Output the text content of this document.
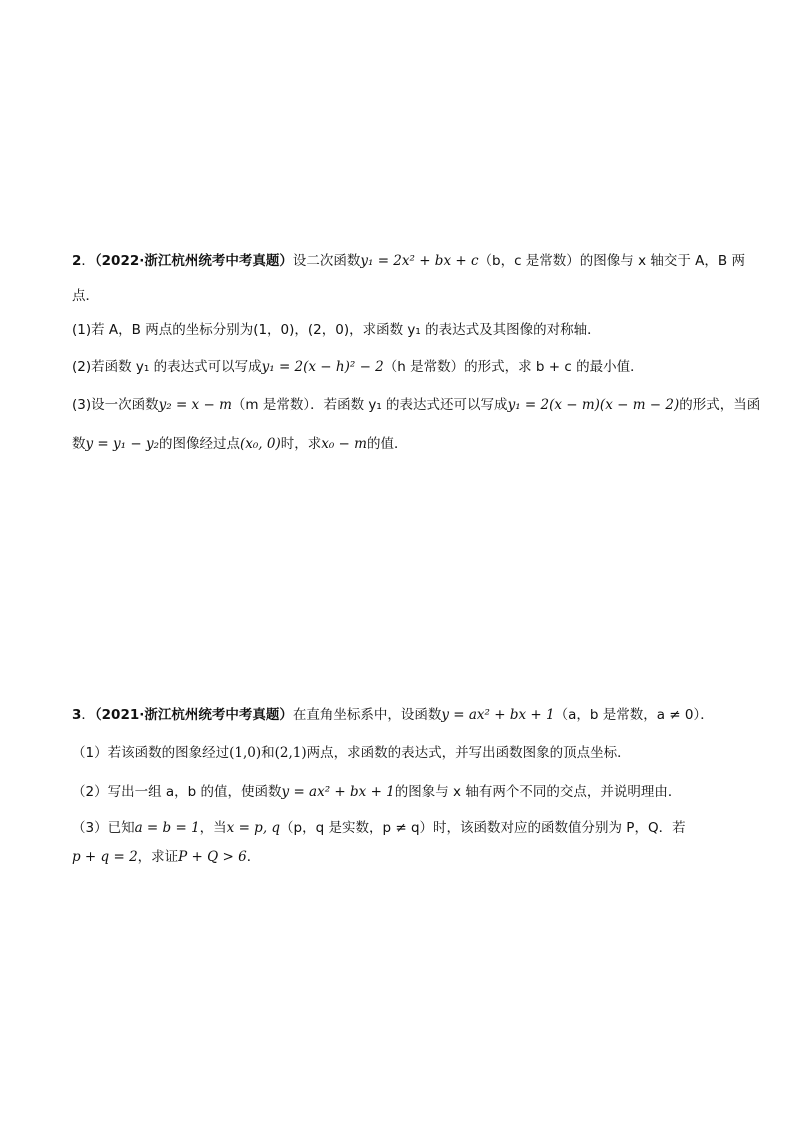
2．（2022·浙江杭州统考中考真题）设二次函数y₁ = 2x² + bx + c（b，c 是常数）的图像与 x 轴交于 A，B 两
点．
(1)若 A，B 两点的坐标分别为(1，0)，(2，0)，求函数 y₁ 的表达式及其图像的对称轴．
(2)若函数 y₁ 的表达式可以写成y₁ = 2(x − h)² − 2（h 是常数）的形式，求 b + c 的最小值．
(3)设一次函数y₂ = x − m（m 是常数）．若函数 y₁ 的表达式还可以写成y₁ = 2(x − m)(x − m − 2)的形式，当函
数y = y₁ − y₂的图像经过点(x₀, 0)时，求x₀ − m的值．
3．（2021·浙江杭州统考中考真题）在直角坐标系中，设函数y = ax² + bx + 1（a，b 是常数，a ≠ 0）．
（1）若该函数的图象经过(1,0)和(2,1)两点，求函数的表达式，并写出函数图象的顶点坐标．
（2）写出一组 a，b 的值，使函数y = ax² + bx + 1的图象与 x 轴有两个不同的交点，并说明理由．
（3）已知a = b = 1，当x = p, q（p，q 是实数，p ≠ q）时，该函数对应的函数值分别为 P，Q．若
p + q = 2，求证P + Q > 6．
